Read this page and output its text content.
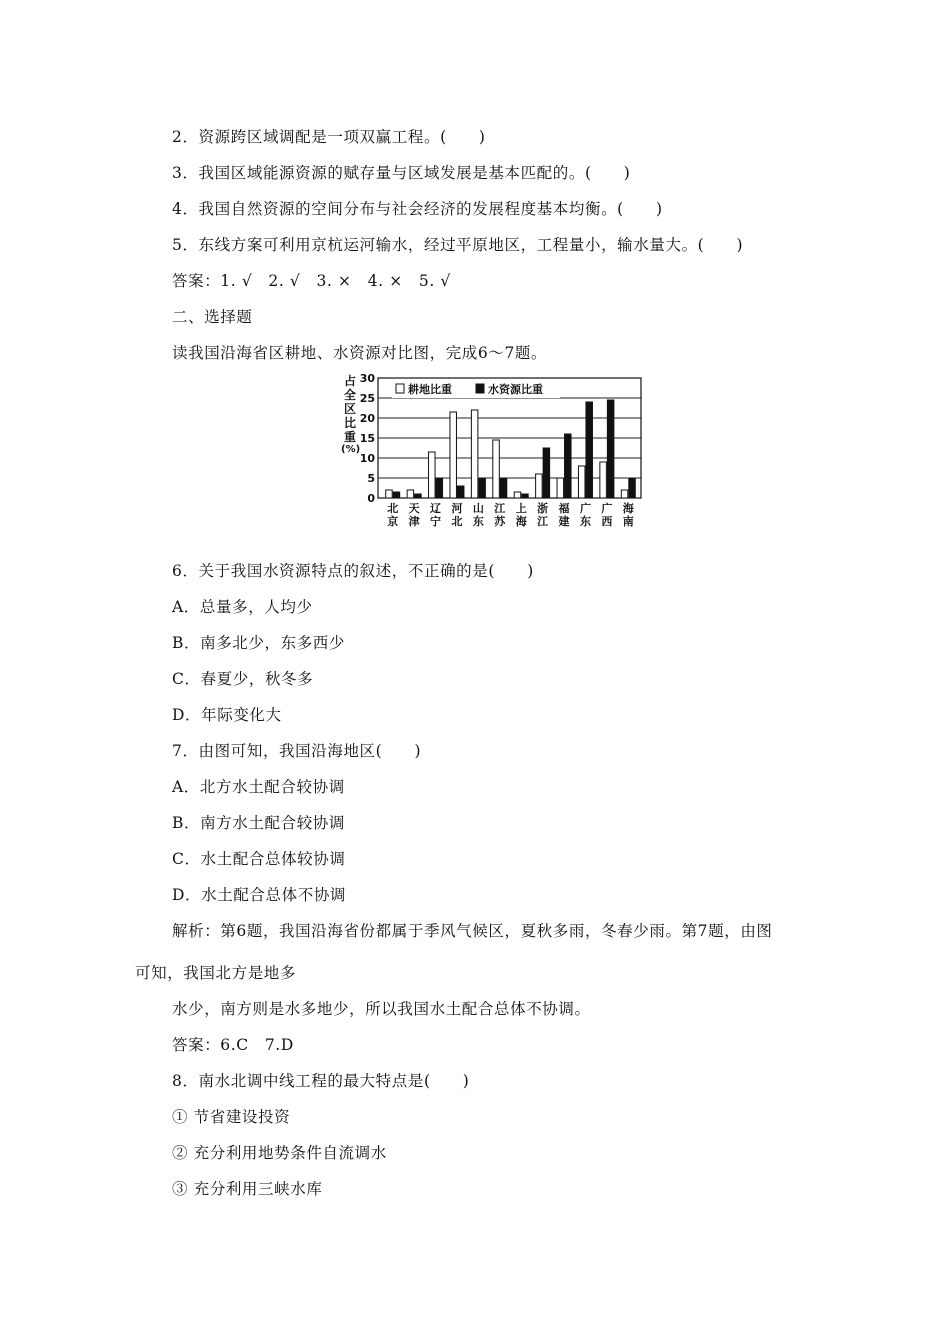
2．资源跨区域调配是一项双赢工程。(　　)
3．我国区域能源资源的赋存量与区域发展是基本匹配的。(　　)
4．我国自然资源的空间分布与社会经济的发展程度基本均衡。(　　)
5．东线方案可利用京杭运河输水，经过平原地区，工程量小，输水量大。(　　)
答案：1. √　2. √　3. ×　4. ×　5. √
二、选择题
读我国沿海省区耕地、水资源对比图，完成6～7题。
占
全
区
比
重
(%)
0
5
10
15
20
25
30
耕地比重	水资源比重
北
京
天
津
辽
宁
河
北
山
东
江
苏
上
海
浙
江
福
建
广
东
广
西
海
南
6．关于我国水资源特点的叙述，不正确的是(　　)
A．总量多，人均少
B．南多北少，东多西少
C．春夏少，秋冬多
D．年际变化大
7．由图可知，我国沿海地区(　　)
A．北方水土配合较协调
B．南方水土配合较协调
C．水土配合总体较协调
D．水土配合总体不协调
解析：第6题，我国沿海省份都属于季风气候区，夏秋多雨，冬春少雨。第7题，由图
可知，我国北方是地多
水少，南方则是水多地少，所以我国水土配合总体不协调。
答案：6.C　7.D
8．南水北调中线工程的最大特点是(　　)
① 节省建设投资
② 充分利用地势条件自流调水
③ 充分利用三峡水库
